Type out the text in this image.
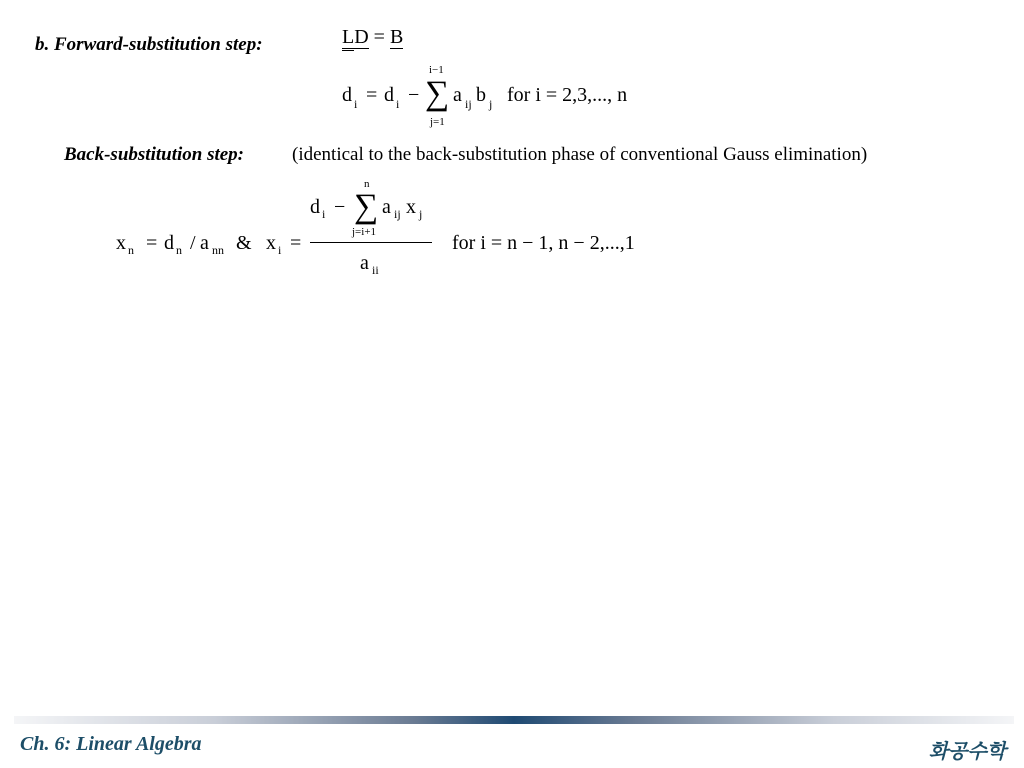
b. Forward-substitution step:	LD = B
d i = d i −
i−1
∑
j=1
a ij b j for i = 2,3,..., n
Back-substitution step:	(identical to the back-substitution phase of conventional Gauss elimination)
x n = d n / a nn & x i =
d i −
n
∑
j=i+1
a ij x j
a ii
for i = n − 1, n − 2,...,1
Ch. 6: Linear Algebra	화공수학
